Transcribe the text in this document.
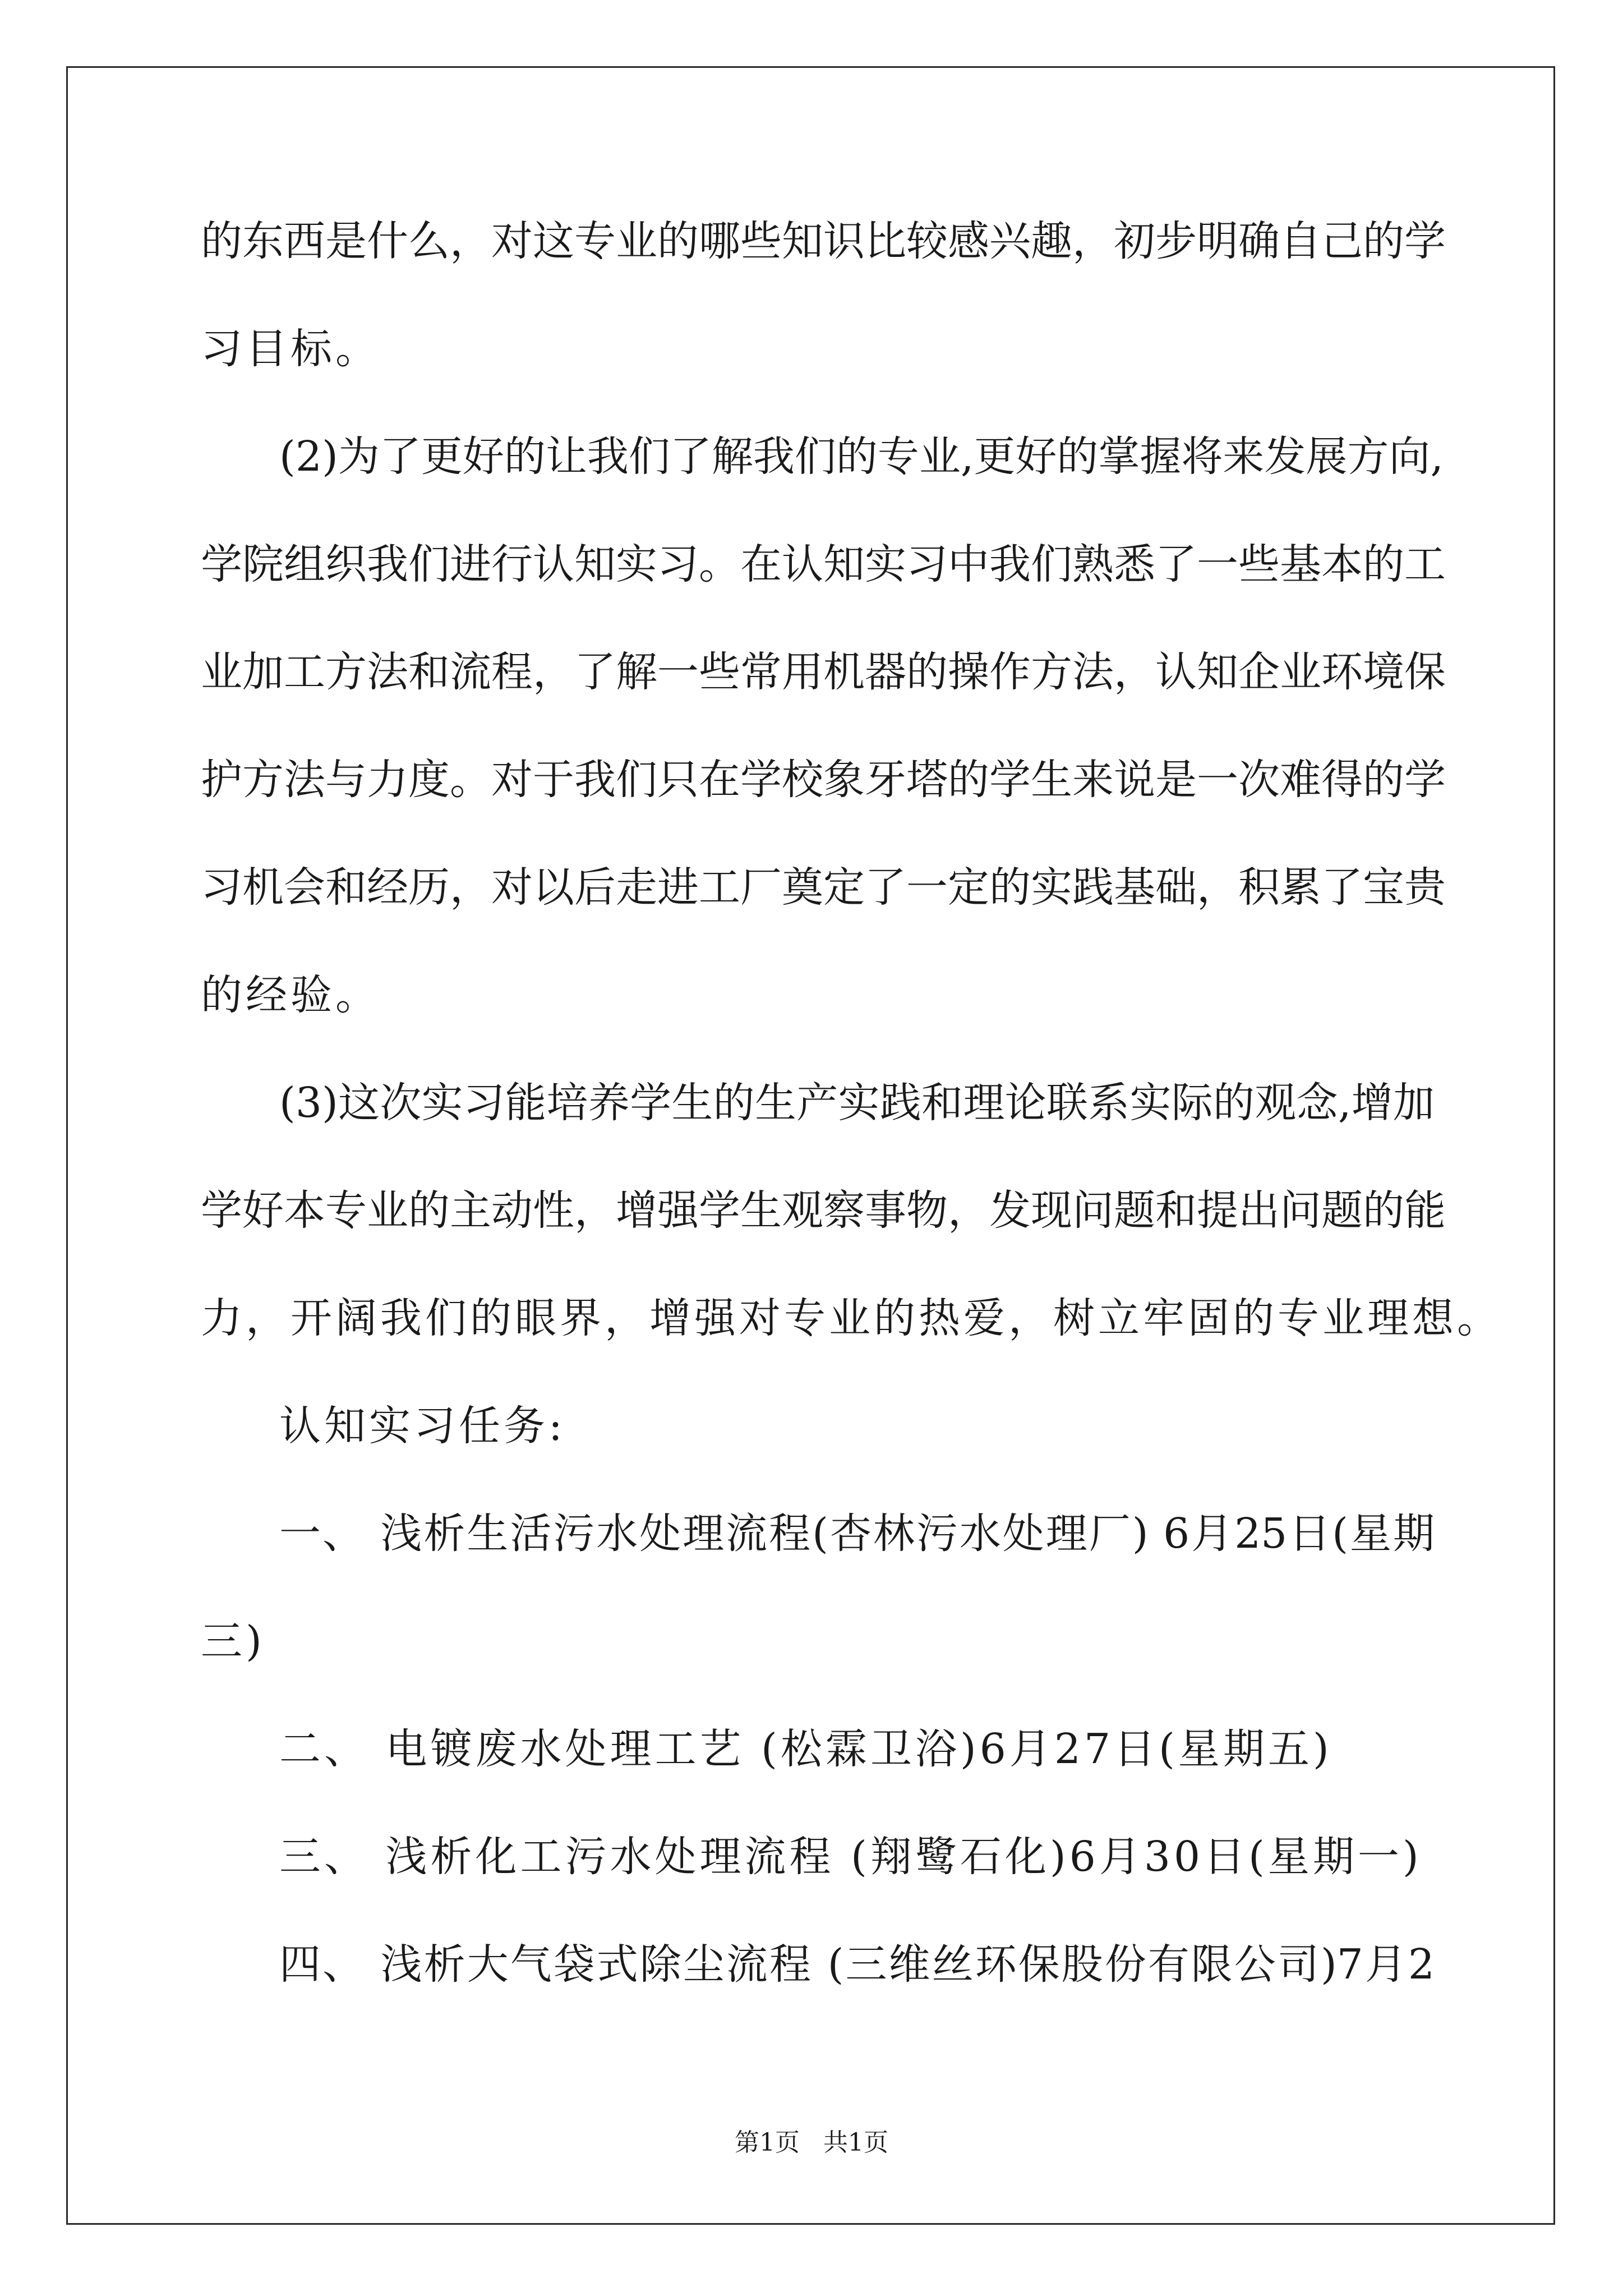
的东西是什么，对这专业的哪些知识比较感兴趣，初步明确自己的学
习目标。
(2)为了更好的让我们了解我们的专业,更好的掌握将来发展方向,
学院组织我们进行认知实习。在认知实习中我们熟悉了一些基本的工
业加工方法和流程，了解一些常用机器的操作方法，认知企业环境保
护方法与力度。对于我们只在学校象牙塔的学生来说是一次难得的学
习机会和经历，对以后走进工厂奠定了一定的实践基础，积累了宝贵
的经验。
(3)这次实习能培养学生的生产实践和理论联系实际的观念,增加
学好本专业的主动性，增强学生观察事物，发现问题和提出问题的能
力，开阔我们的眼界，增强对专业的热爱，树立牢固的专业理想。
认知实习任务:
一、 浅析生活污水处理流程(杏林污水处理厂) 6月25日(星期
三)
二、 电镀废水处理工艺 (松霖卫浴)6月27日(星期五)
三、 浅析化工污水处理流程 (翔鹭石化)6月30日(星期一)
四、 浅析大气袋式除尘流程 (三维丝环保股份有限公司)7月2
第1页   共1页
